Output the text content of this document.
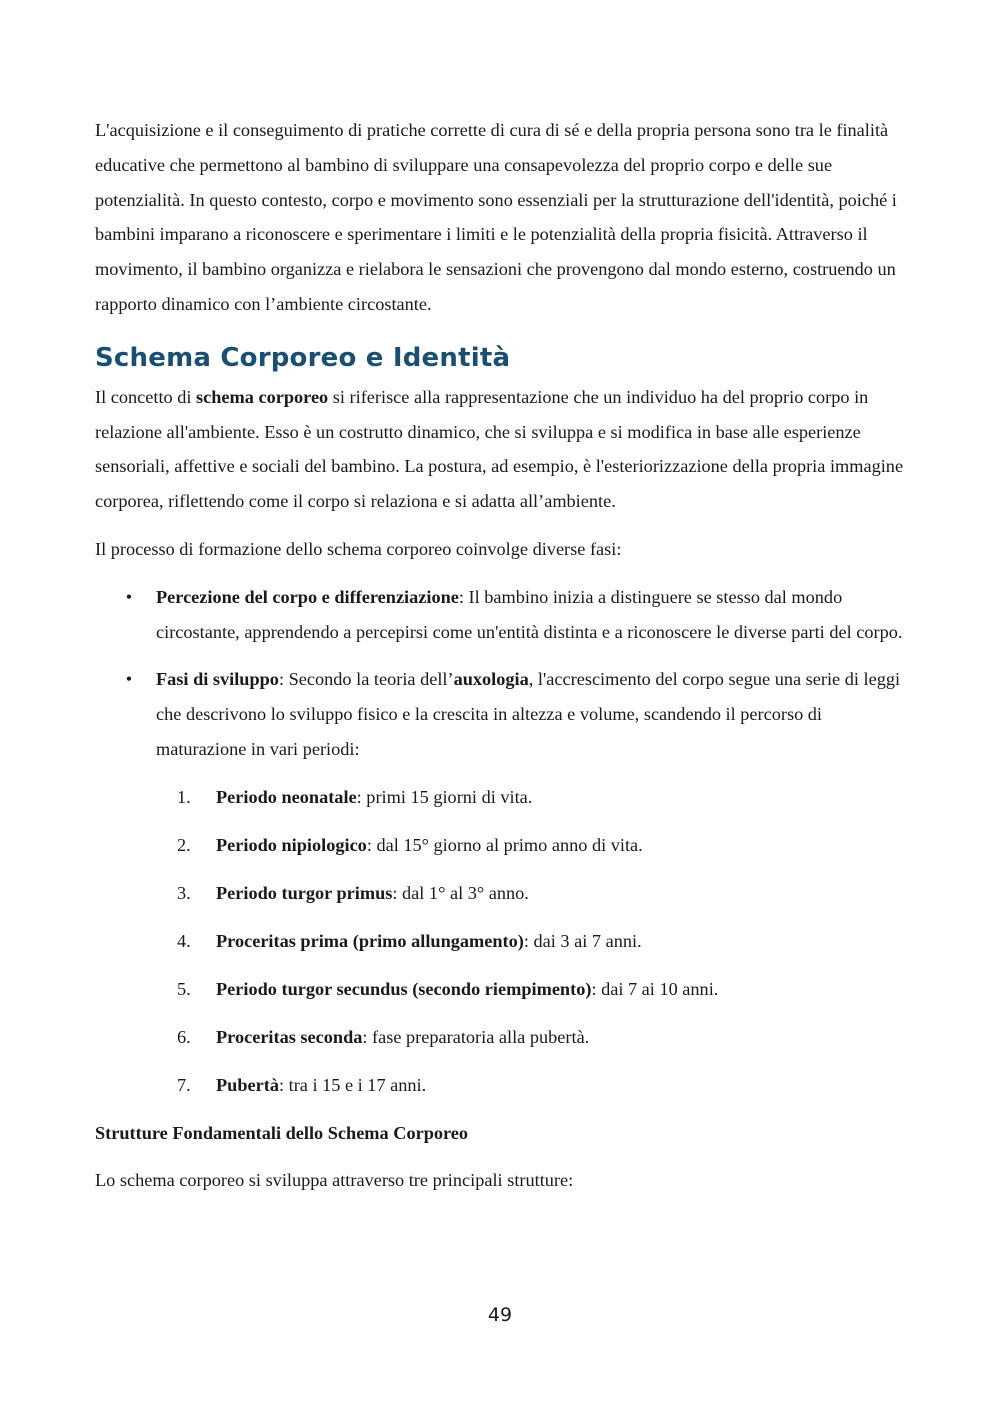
L'acquisizione e il conseguimento di pratiche corrette di cura di sé e della propria persona sono tra le finalità educative che permettono al bambino di sviluppare una consapevolezza del proprio corpo e delle sue potenzialità. In questo contesto, corpo e movimento sono essenziali per la strutturazione dell'identità, poiché i bambini imparano a riconoscere e sperimentare i limiti e le potenzialità della propria fisicità. Attraverso il movimento, il bambino organizza e rielabora le sensazioni che provengono dal mondo esterno, costruendo un rapporto dinamico con l’ambiente circostante.

Schema Corporeo e Identità

Il concetto di schema corporeo si riferisce alla rappresentazione che un individuo ha del proprio corpo in relazione all'ambiente. Esso è un costrutto dinamico, che si sviluppa e si modifica in base alle esperienze sensoriali, affettive e sociali del bambino. La postura, ad esempio, è l'esteriorizzazione della propria immagine corporea, riflettendo come il corpo si relaziona e si adatta all’ambiente.

Il processo di formazione dello schema corporeo coinvolge diverse fasi:

• Percezione del corpo e differenziazione: Il bambino inizia a distinguere se stesso dal mondo circostante, apprendendo a percepirsi come un'entità distinta e a riconoscere le diverse parti del corpo.
• Fasi di sviluppo: Secondo la teoria dell’auxologia, l'accrescimento del corpo segue una serie di leggi che descrivono lo sviluppo fisico e la crescita in altezza e volume, scandendo il percorso di maturazione in vari periodi:
1.	Periodo neonatale: primi 15 giorni di vita.
2.	Periodo nipiologico: dal 15° giorno al primo anno di vita.
3.	Periodo turgor primus: dal 1° al 3° anno.
4.	Proceritas prima (primo allungamento): dai 3 ai 7 anni.
5.	Periodo turgor secundus (secondo riempimento): dai 7 ai 10 anni.
6.	Proceritas seconda: fase preparatoria alla pubertà.
7.	Pubertà: tra i 15 e i 17 anni.

Strutture Fondamentali dello Schema Corporeo

Lo schema corporeo si sviluppa attraverso tre principali strutture:

49
